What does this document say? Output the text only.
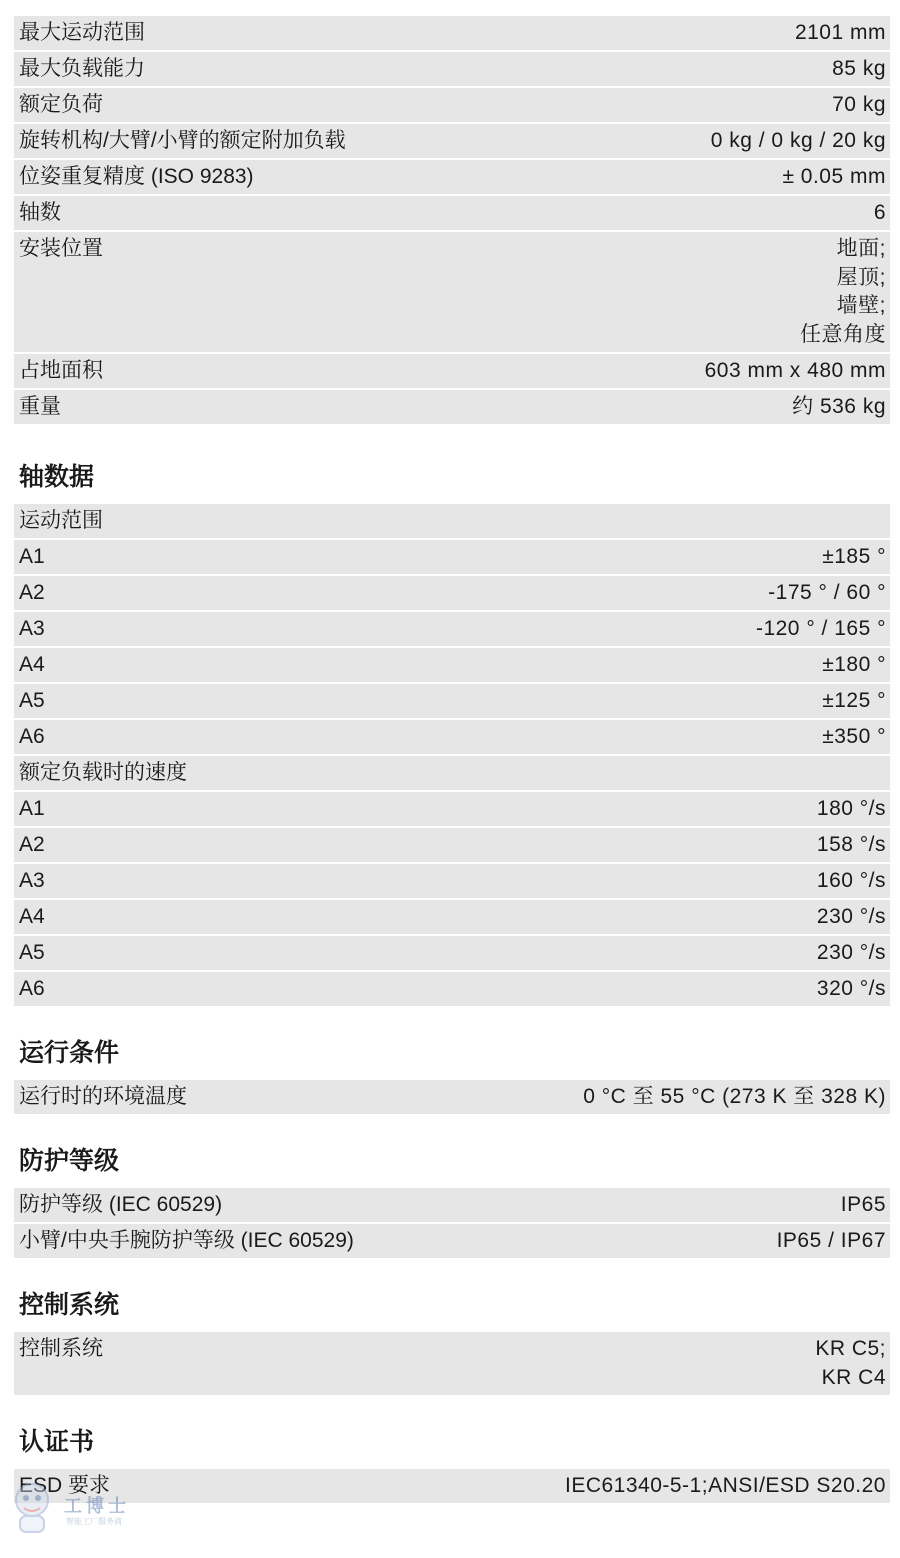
最大运动范围	2101 mm
最大负载能力	85 kg
额定负荷	70 kg
旋转机构/大臂/小臂的额定附加负载	0 kg / 0 kg / 20 kg
位姿重复精度 (ISO 9283)	± 0.05 mm
轴数	6
安装位置	地面;
屋顶;
墙壁;
任意角度
占地面积	603 mm x 480 mm
重量	约 536 kg
轴数据
运动范围
A1	±185 °
A2	-175 ° / 60 °
A3	-120 ° / 165 °
A4	±180 °
A5	±125 °
A6	±350 °
额定负载时的速度
A1	180 °/s
A2	158 °/s
A3	160 °/s
A4	230 °/s
A5	230 °/s
A6	320 °/s
运行条件
运行时的环境温度	0 °C 至 55 °C (273 K 至 328 K)
防护等级
防护等级 (IEC 60529)	IP65
小臂/中央手腕防护等级 (IEC 60529)	IP65 / IP67
控制系统
控制系统	KR C5;
KR C4
认证书
ESD 要求	IEC61340-5-1;ANSI/ESD S20.20
工博士
智能工厂服务商
